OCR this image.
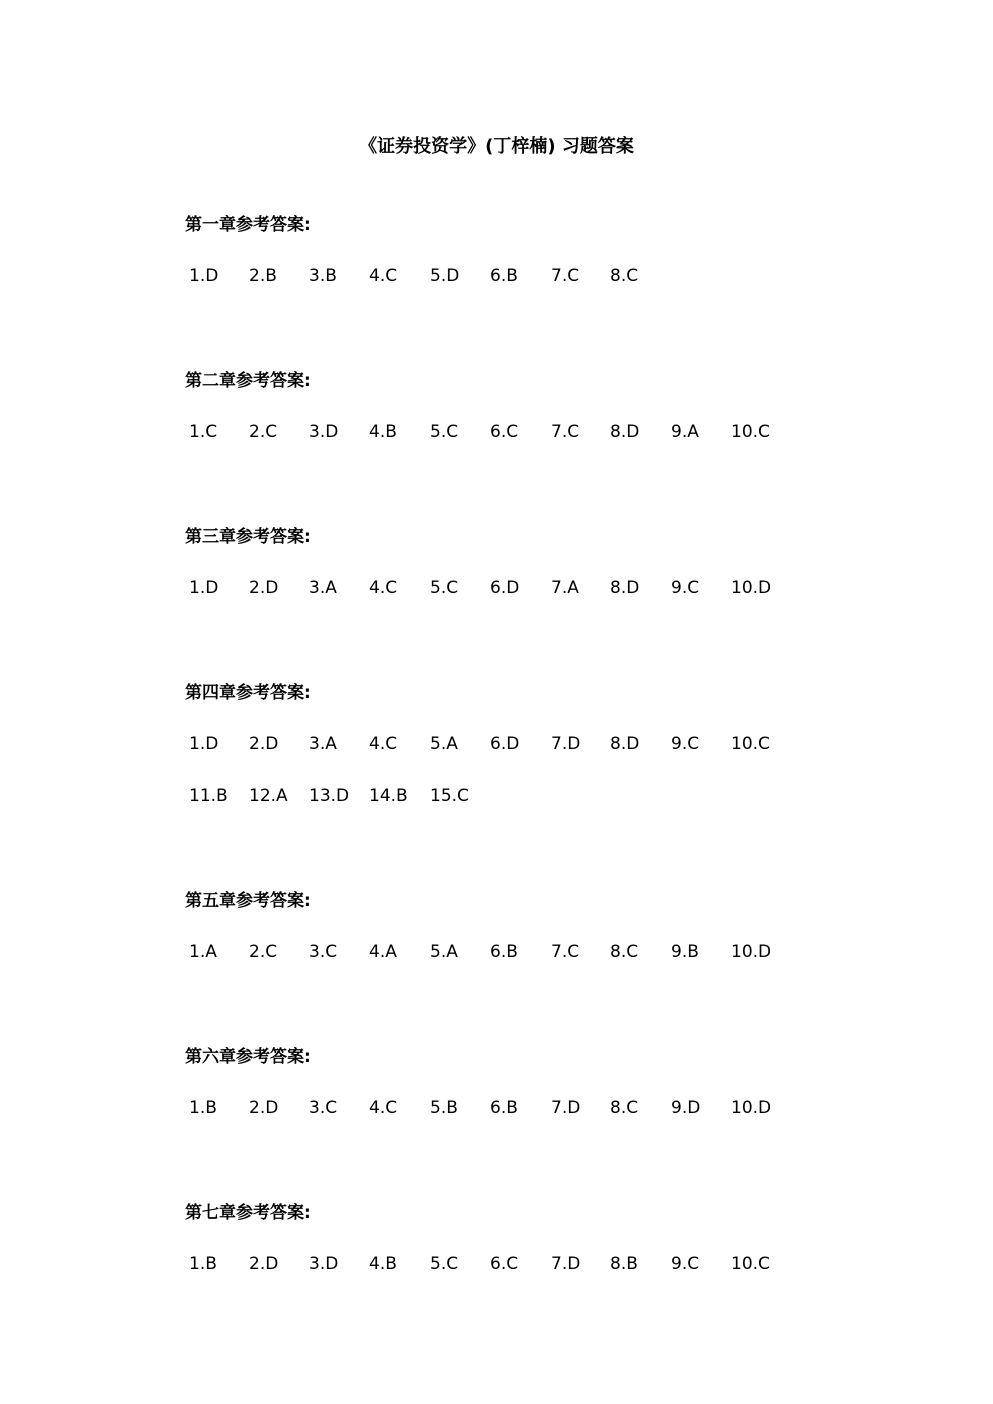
《证券投资学》(丁梓楠) 习题答案
第一章参考答案:
1.D 2.B 3.B 4.C 5.D 6.B 7.C 8.C
第二章参考答案:
1.C 2.C 3.D 4.B 5.C 6.C 7.C 8.D 9.A 10.C
第三章参考答案:
1.D 2.D 3.A 4.C 5.C 6.D 7.A 8.D 9.C 10.D
第四章参考答案:
1.D 2.D 3.A 4.C 5.A 6.D 7.D 8.D 9.C 10.C
11.B 12.A 13.D 14.B 15.C
第五章参考答案:
1.A 2.C 3.C 4.A 5.A 6.B 7.C 8.C 9.B 10.D
第六章参考答案:
1.B 2.D 3.C 4.C 5.B 6.B 7.D 8.C 9.D 10.D
第七章参考答案:
1.B 2.D 3.D 4.B 5.C 6.C 7.D 8.B 9.C 10.C
